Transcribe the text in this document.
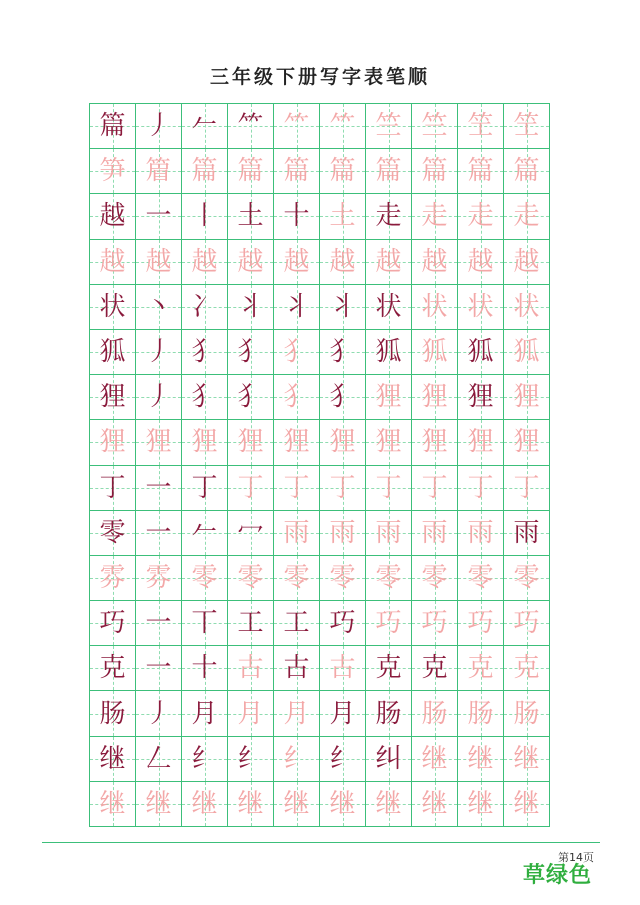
三年级下册写字表笔顺
篇 丿 𠂉 ⺮ ⺮ ⺮ 竺 竺 笁 笁
笋 篃 篇 篇 篇 篇 篇 篇 篇 篇
越 一 丨 土 十 土 走 走 走 走
越 越 越 越 越 越 越 越 越 越
状 丶 冫 丬 丬 丬 状 状 状 状
狐 丿 犭 犭 犭 犭 狐 狐 狐 狐
狸 丿 犭 犭 犭 犭 狸 狸 狸 狸
狸 狸 狸 狸 狸 狸 狸 狸 狸 狸
丁 一 丁 丁 丁 丁 丁 丁 丁 丁
零 一 𠂉 冖 雨 雨 雨 雨 雨 雨
雰 雰 零 零 零 零 零 零 零 零
巧 一 丅 工 工 巧 巧 巧 巧 巧
克 一 十 古 古 古 克 克 克 克
肠 丿 月 月 月 月 肠 肠 肠 肠
继 𠃋 纟 纟 纟 纟 纠 继 继 继
继 继 继 继 继 继 继 继 继 继
第14页
草绿色
